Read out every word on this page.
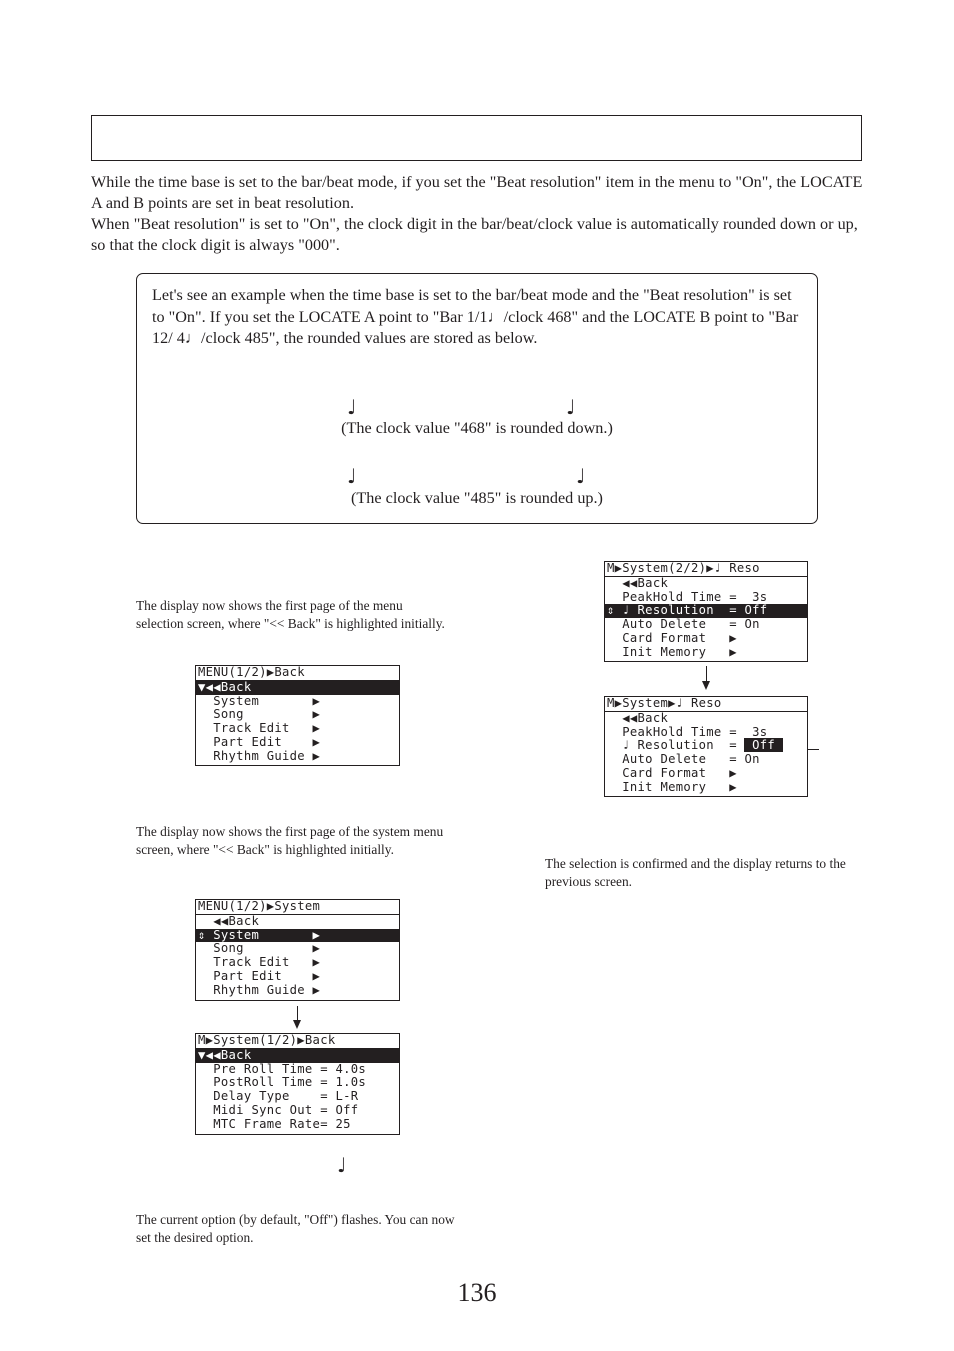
While the time base is set to the bar/beat mode, if you set the "Beat resolution" item in the menu to "On", the LOCATE A and B points are set in beat resolution.

When "Beat resolution" is set to "On", the clock digit in the bar/beat/clock value is automatically rounded down or up, so that the clock digit is always "000".

Let's see an example when the time base is set to the bar/beat mode and the "Beat resolution" is set to "On". If you set the LOCATE A point to "Bar 1/1♩/clock 468" and the LOCATE B point to "Bar 12/ 4♩/clock 485", the rounded values are stored as below.
♩	♩
(The clock value "468" is rounded down.)
♩	♩
(The clock value "485" is rounded up.)
The display now shows the first page of the menu selection screen, where "<< Back" is highlighted initially.
MENU(1/2)▶Back
▼◀◀Back
System       ▶
Song         ▶
Track Edit   ▶
Part Edit    ▶
Rhythm Guide ▶
The display now shows the first page of the system menu screen, where "<< Back" is highlighted initially.
MENU(1/2)▶System
◀◀Back
⇕ System       ▶
Song         ▶
Track Edit   ▶
Part Edit    ▶
Rhythm Guide ▶
M▶System(1/2)▶Back
▼◀◀Back
Pre Roll Time = 4.0s
PostRoll Time = 1.0s
Delay Type    = L-R
Midi Sync Out = Off
MTC Frame Rate= 25
♩
The current option (by default, "Off") flashes. You can now set the desired option.
M▶System(2/2)▶♩ Reso
◀◀Back
PeakHold Time =  3s
⇕ ♩ Resolution  = Off
Auto Delete   = On
Card Format   ▶
Init Memory   ▶
M▶System▶♩ Reso
◀◀Back
PeakHold Time =  3s
♩ Resolution  =  Off
Auto Delete   = On
Card Format   ▶
Init Memory   ▶
The selection is confirmed and the display returns to the previous screen.
136
